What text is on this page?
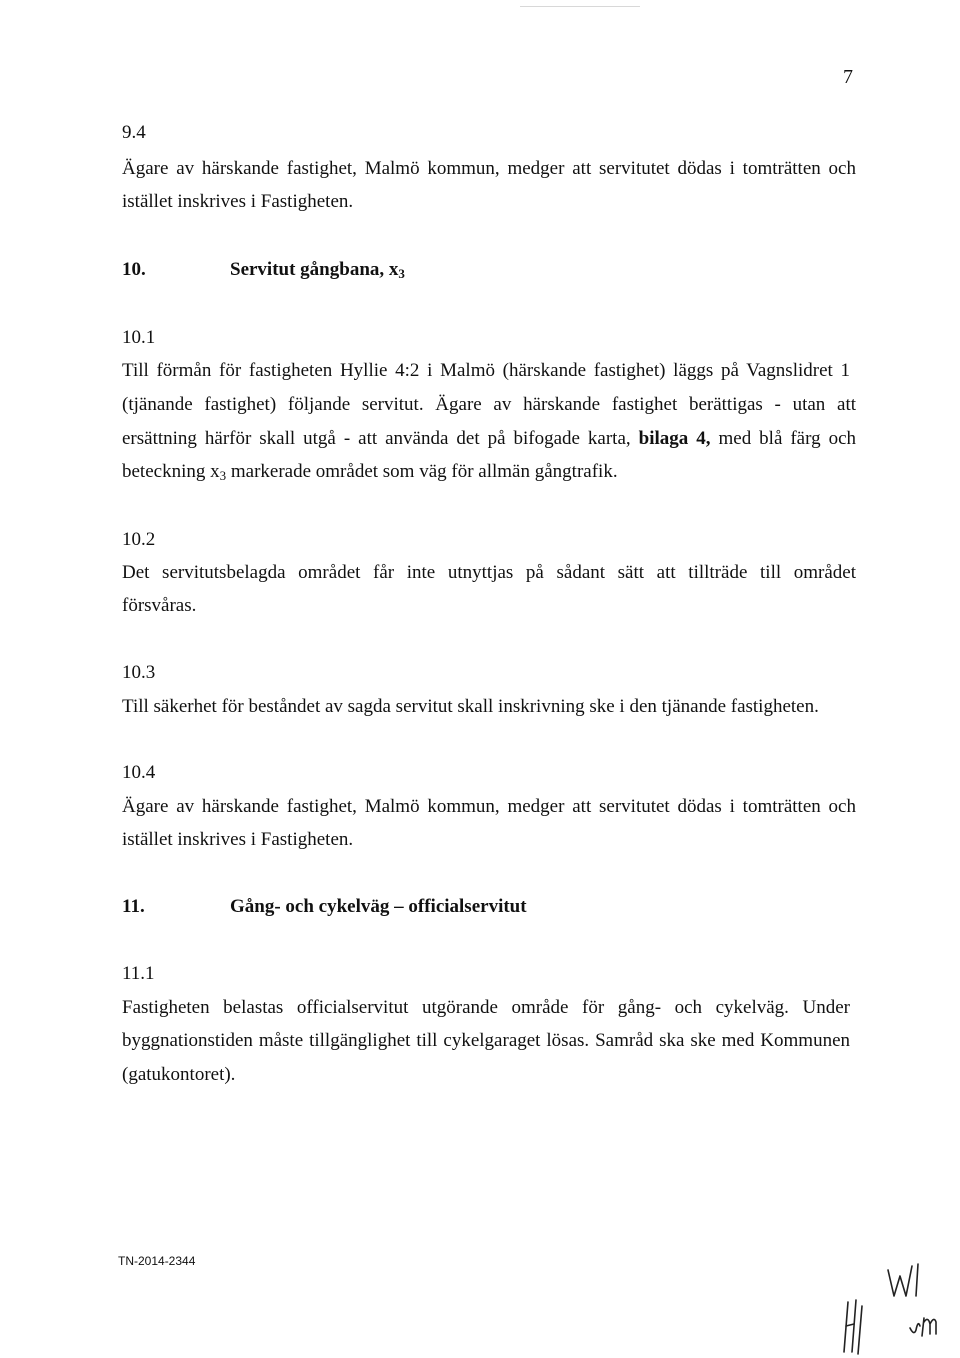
7
9.4
Ägare av härskande fastighet, Malmö kommun, medger att servitutet dödas i tomträtten och
istället inskrives i Fastigheten.
10.	Servitut gångbana, $x_3$
10.1
Till förmån för fastigheten Hyllie 4:2 i Malmö (härskande fastighet) läggs på Vagnslidret 1
(tjänande fastighet) följande servitut. Ägare av härskande fastighet berättigas - utan att
ersättning härför skall utgå - att använda det på bifogade karta, bilaga 4, med blå färg och
beteckning $x_3$ markerade området som väg för allmän gångtrafik.
10.2
Det servitutsbelagda området får inte utnyttjas på sådant sätt att tillträde till området
försvåras.
10.3
Till säkerhet för beståndet av sagda servitut skall inskrivning ske i den tjänande fastigheten.
10.4
Ägare av härskande fastighet, Malmö kommun, medger att servitutet dödas i tomträtten och
istället inskrives i Fastigheten.
11.	Gång- och cykelväg – officialservitut
11.1
Fastigheten belastas officialservitut utgörande område för gång- och cykelväg. Under
byggnationstiden måste tillgänglighet till cykelgaraget lösas. Samråd ska ske med Kommunen
(gatukontoret).
TN-2014-2344
